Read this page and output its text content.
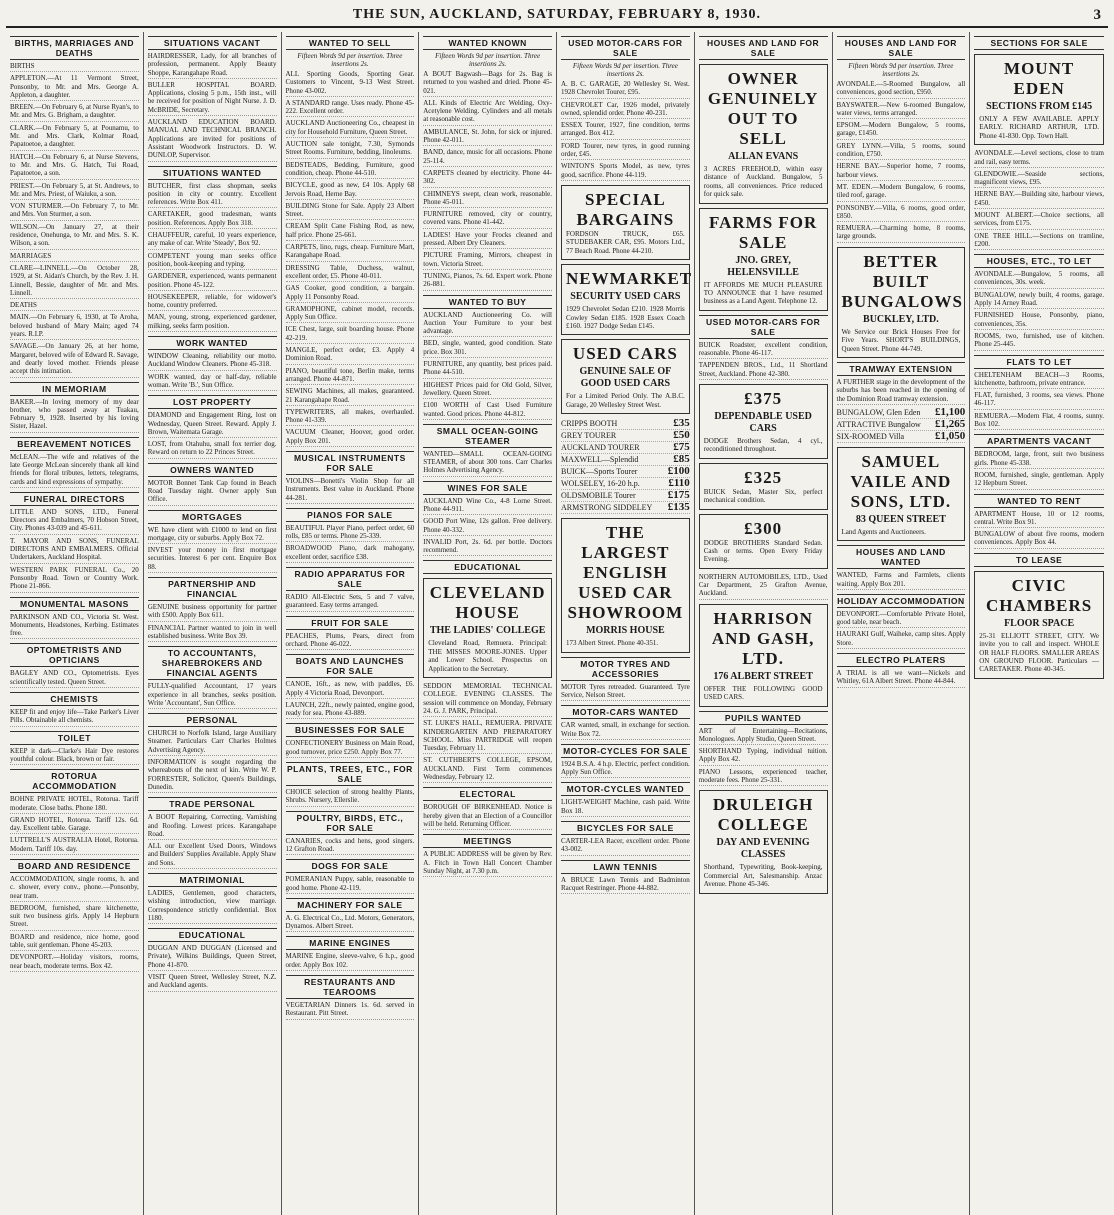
THE SUN, AUCKLAND, SATURDAY, FEBRUARY 8, 1930.	3
BIRTHS, MARRIAGES AND DEATHS
BIRTHS
APPLETON.—At 11 Vermont Street, Ponsonby, to Mr. and Mrs. George A. Appleton, a daughter.
BREEN.—On February 6, at Nurse Ryan's, to Mr. and Mrs. G. Brigham, a daughter.
CLARK.—On February 5, at Pounamu, to Mr. and Mrs. Clark, Kolmar Road, Papatoetoe, a daughter.
HATCH.—On February 6, at Nurse Stevens, to Mr. and Mrs. G. Hatch, Tui Road, Papatoetoe, a son.
PRIEST.—On February 5, at St. Andrews, to Mr. and Mrs. Priest, of Waiuku, a son.
VON STURMER.—On February 7, to Mr. and Mrs. Von Sturmer, a son.
WILSON.—On January 27, at their residence, Onehunga, to Mr. and Mrs. S. K. Wilson, a son.
MARRIAGES
CLARE—LINNELL.—On October 28, 1929, at St. Aidan's Church, by the Rev. J. H. Linnell, Bessie, daughter of Mr. and Mrs. Linnell.
DEATHS
MAIN.—On February 6, 1930, at Te Aroha, beloved husband of Mary Main; aged 74 years. R.I.P.
SAVAGE.—On January 26, at her home, Margaret, beloved wife of Edward R. Savage, and dearly loved mother. Friends please accept this intimation.
IN MEMORIAM
BAKER.—In loving memory of my dear brother, who passed away at Tuakau, February 9, 1928. Inserted by his loving Sister, Hazel.
BEREAVEMENT NOTICES
McLEAN.—The wife and relatives of the late George McLean sincerely thank all kind friends for floral tributes, letters, telegrams, cards and kind expressions of sympathy.
FUNERAL DIRECTORS
LITTLE AND SONS, LTD., Funeral Directors and Embalmers, 70 Hobson Street, City. Phones 43-039 and 45-611.
T. MAYOR AND SONS, FUNERAL DIRECTORS AND EMBALMERS. Official Undertakers, Auckland Hospital.
WESTERN PARK FUNERAL Co., 20 Ponsonby Road. Town or Country Work. Phone 21-866.
MONUMENTAL MASONS
PARKINSON AND CO., Victoria St. West. Monuments, Headstones, Kerbing. Estimates free.
OPTOMETRISTS AND OPTICIANS
BAGLEY AND CO., Optometrists. Eyes scientifically tested. Queen Street.
CHEMISTS
KEEP fit and enjoy life—Take Parker's Liver Pills. Obtainable all chemists.
TOILET
KEEP it dark—Clarke's Hair Dye restores youthful colour. Black, brown or fair.
ROTORUA ACCOMMODATION
BOHNE PRIVATE HOTEL, Rotorua. Tariff moderate. Close baths. Phone 180.
GRAND HOTEL, Rotorua. Tariff 12s. 6d. day. Excellent table. Garage.
LUTTRELL'S AUSTRALIA Hotel, Rotorua. Modern. Tariff 10s. day.
BOARD AND RESIDENCE
ACCOMMODATION, single rooms, h. and c. shower, every conv., phone.—Ponsonby, near tram.
BEDROOM, furnished, share kitchenette, suit two business girls. Apply 14 Hepburn Street.
BOARD and residence, nice home, good table, suit gentleman. Phone 45-203.
DEVONPORT.—Holiday visitors, rooms, near beach, moderate terms. Box 42.
SITUATIONS VACANT
HAIRDRESSER, Lady, for all branches of profession, permanent. Apply Beauty Shoppe, Karangahape Road.
BULLER HOSPITAL BOARD. Applications, closing 5 p.m., 15th inst., will be received for position of Night Nurse. J. D. McBRIDE, Secretary.
AUCKLAND EDUCATION BOARD. MANUAL AND TECHNICAL BRANCH. Applications are invited for positions of Assistant Woodwork Instructors. D. W. DUNLOP, Supervisor.
SITUATIONS WANTED
BUTCHER, first class shopman, seeks position in city or country. Excellent references. Write Box 411.
CARETAKER, good tradesman, wants position. References. Apply Box 318.
CHAUFFEUR, careful, 10 years experience, any make of car. Write 'Steady', Box 92.
COMPETENT young man seeks office position, book-keeping and typing.
GARDENER, experienced, wants permanent position. Phone 45-122.
HOUSEKEEPER, reliable, for widower's home, country preferred.
MAN, young, strong, experienced gardener, milking, seeks farm position.
WORK WANTED
WINDOW Cleaning, reliability our motto. Auckland Window Cleaners. Phone 45-318.
WORK wanted, day or half-day, reliable woman. Write 'B.', Sun Office.
LOST PROPERTY
DIAMOND and Engagement Ring, lost on Wednesday, Queen Street. Reward. Apply J. Brown, Waitemata Garage.
LOST, from Otahuhu, small fox terrier dog. Reward on return to 22 Princes Street.
OWNERS WANTED
MOTOR Bonnet Tank Cap found in Beach Road Tuesday night. Owner apply Sun Office.
MORTGAGES
WE have client with £1000 to lend on first mortgage, city or suburbs. Apply Box 72.
INVEST your money in first mortgage securities. Interest 6 per cent. Enquire Box 88.
PARTNERSHIP AND FINANCIAL
GENUINE business opportunity for partner with £500. Apply Box 611.
FINANCIAL Partner wanted to join in well established business. Write Box 39.
TO ACCOUNTANTS, SHAREBROKERS AND FINANCIAL AGENTS
FULLY-qualified Accountant, 17 years experience in all branches, seeks position. Write 'Accountant', Sun Office.
PERSONAL
CHURCH to Norfolk Island, large Auxiliary Steamer. Particulars Carr Charles Holmes Advertising Agency.
INFORMATION is sought regarding the whereabouts of the next of kin. Write W. P. FORRESTER, Solicitor, Queen's Buildings, Dunedin.
TRADE PERSONAL
A BOOT Repairing, Correcting, Varnishing and Roofing. Lowest prices. Karangahape Road.
ALL our Excellent Used Doors, Windows and Builders' Supplies Available. Apply Shaw and Sons.
MATRIMONIAL
LADIES, Gentlemen, good characters, wishing introduction, view marriage. Correspondence strictly confidential. Box 1180.
EDUCATIONAL
DUGGAN AND DUGGAN (Licensed and Private), Wilkins Buildings, Queen Street, Phone 41-870.
VISIT Queen Street, Wellesley Street, N.Z. and Auckland agents.
WANTED TO SELL
Fifteen Words 9d per insertion. Three insertions 2s.
ALL Sporting Goods, Sporting Gear. Customers to Vincent, 9-13 West Street. Phone 43-002.
A STANDARD range. Uses ready. Phone 45-222. Excellent order.
AUCKLAND Auctioneering Co., cheapest in city for Household Furniture, Queen Street.
AUCTION sale tonight, 7.30, Symonds Street Rooms. Furniture, bedding, linoleums.
BEDSTEADS, Bedding, Furniture, good condition, cheap. Phone 44-510.
BICYCLE, good as new, £4 10s. Apply 68 Jervois Road, Herne Bay.
BUILDING Stone for Sale. Apply 23 Albert Street.
CREAM Split Cane Fishing Rod, as new, half price. Phone 25-661.
CARPETS, lino, rugs, cheap. Furniture Mart, Karangahape Road.
DRESSING Table, Duchess, walnut, excellent order, £5. Phone 40-011.
GAS Cooker, good condition, a bargain. Apply 11 Ponsonby Road.
GRAMOPHONE, cabinet model, records. Apply Sun Office.
ICE Chest, large, suit boarding house. Phone 42-219.
MANGLE, perfect order, £3. Apply 4 Dominion Road.
PIANO, beautiful tone, Berlin make, terms arranged. Phone 44-871.
SEWING Machines, all makes, guaranteed. 21 Karangahape Road.
TYPEWRITERS, all makes, overhauled. Phone 41-339.
VACUUM Cleaner, Hoover, good order. Apply Box 201.
MUSICAL INSTRUMENTS FOR SALE
VIOLINS—Bonetti's Violin Shop for all Instruments. Best value in Auckland. Phone 44-281.
PIANOS FOR SALE
BEAUTIFUL Player Piano, perfect order, 60 rolls, £85 or terms. Phone 25-339.
BROADWOOD Piano, dark mahogany, excellent order, sacrifice £38.
RADIO APPARATUS FOR SALE
RADIO All-Electric Sets, 5 and 7 valve, guaranteed. Easy terms arranged.
FRUIT FOR SALE
PEACHES, Plums, Pears, direct from orchard. Phone 46-022.
BOATS AND LAUNCHES FOR SALE
CANOE, 16ft., as new, with paddles, £6. Apply 4 Victoria Road, Devonport.
LAUNCH, 22ft., newly painted, engine good, ready for sea. Phone 43-889.
BUSINESSES FOR SALE
CONFECTIONERY Business on Main Road, good turnover, price £250. Apply Box 77.
PLANTS, TREES, ETC., FOR SALE
CHOICE selection of strong healthy Plants, Shrubs. Nursery, Ellerslie.
POULTRY, BIRDS, ETC., FOR SALE
CANARIES, cocks and hens, good singers. 12 Grafton Road.
DOGS FOR SALE
POMERANIAN Puppy, sable, reasonable to good home. Phone 42-119.
MACHINERY FOR SALE
A. G. Electrical Co., Ltd. Motors, Generators, Dynamos. Albert Street.
MARINE ENGINES
MARINE Engine, sleeve-valve, 6 h.p., good order. Apply Box 102.
RESTAURANTS AND TEAROOMS
VEGETARIAN Dinners 1s. 6d. served in Restaurant. Pitt Street.
WANTED KNOWN
Fifteen Words 9d per insertion. Three insertions 2s.
A BOUT Bagwash—Bags for 2s. Bag is returned to you washed and dried. Phone 45-021.
ALL Kinds of Electric Arc Welding, Oxy-Acetylene Welding. Cylinders and all metals at reasonable cost.
AMBULANCE, St. John, for sick or injured. Phone 42-011.
BAND, dance, music for all occasions. Phone 25-114.
CARPETS cleaned by electricity. Phone 44-302.
CHIMNEYS swept, clean work, reasonable. Phone 45-011.
FURNITURE removed, city or country, covered vans. Phone 41-442.
LADIES! Have your Frocks cleaned and pressed. Albert Dry Cleaners.
PICTURE Framing, Mirrors, cheapest in town. Victoria Street.
TUNING, Pianos, 7s. 6d. Expert work. Phone 26-881.
WANTED TO BUY
AUCKLAND Auctioneering Co. will Auction Your Furniture to your best advantage.
BED, single, wanted, good condition. State price. Box 301.
FURNITURE, any quantity, best prices paid. Phone 44-510.
HIGHEST Prices paid for Old Gold, Silver, Jewellery. Queen Street.
£100 WORTH of Cast Used Furniture wanted. Good prices. Phone 44-812.
SMALL OCEAN-GOING STEAMER
WANTED—SMALL OCEAN-GOING STEAMER, of about 300 tons. Carr Charles Holmes Advertising Agency.
WINES FOR SALE
AUCKLAND Wine Co., 4-8 Lorne Street. Phone 44-911.
GOOD Port Wine, 12s gallon. Free delivery. Phone 40-332.
INVALID Port, 2s. 6d. per bottle. Doctors recommend.
EDUCATIONAL
CLEVELAND HOUSE
THE LADIES' COLLEGE
Cleveland Road, Remuera. Principal: THE MISSES MOORE-JONES. Upper and Lower School. Prospectus on Application to the Secretary.
SEDDON MEMORIAL TECHNICAL COLLEGE. EVENING CLASSES. The session will commence on Monday, February 24. G. J. PARK, Principal.
ST. LUKE'S HALL, REMUERA. PRIVATE KINDERGARTEN AND PREPARATORY SCHOOL. Miss PARTRIDGE will reopen Tuesday, February 11.
ST. CUTHBERT'S COLLEGE, EPSOM, AUCKLAND. First Term commences Wednesday, February 12.
ELECTORAL
BOROUGH OF BIRKENHEAD. Notice is hereby given that an Election of a Councillor will be held. Returning Officer.
MEETINGS
A PUBLIC ADDRESS will be given by Rev. A. Fitch in Town Hall Concert Chamber Sunday Night, at 7.30 p.m.
USED MOTOR-CARS FOR SALE
Fifteen Words 9d per insertion. Three insertions 2s.
A. B. C. GARAGE, 20 Wellesley St. West. 1928 Chevrolet Tourer, £95.
CHEVROLET Car, 1926 model, privately owned, splendid order. Phone 40-231.
ESSEX Tourer, 1927, fine condition, terms arranged. Box 412.
FORD Tourer, new tyres, in good running order, £45.
WINTON'S Sports Model, as new, tyres good, sacrifice. Phone 44-119.
SPECIAL BARGAINS
FORDSON TRUCK, £65. STUDEBAKER CAR, £95. Motors Ltd., 77 Beach Road. Phone 44-210.
NEWMARKET
SECURITY USED CARS
1929 Chevrolet Sedan £210. 1928 Morris Cowley Sedan £185. 1928 Essex Coach £160. 1927 Dodge Sedan £145.
USED CARS
GENUINE SALE OF GOOD USED CARS
For a Limited Period Only. The A.B.C. Garage, 20 Wellesley Street West.
CRIPPS BOOTH	£35
GREY TOURER	£50
AUCKLAND TOURER	£75
MAXWELL—Splendid	£85
BUICK—Sports Tourer	£100
WOLSELEY, 16-20 h.p.	£110
OLDSMOBILE Tourer	£175
ARMSTRONG SIDDELEY £135
THE LARGEST ENGLISH USED CAR SHOWROOM
MORRIS HOUSE
173 Albert Street. Phone 40-351.
MOTOR TYRES AND ACCESSORIES
MOTOR Tyres retreaded. Guaranteed. Tyre Service, Nelson Street.
MOTOR-CARS WANTED
CAR wanted, small, in exchange for section. Write Box 72.
MOTOR-CYCLES FOR SALE
1924 B.S.A. 4 h.p. Electric, perfect condition. Apply Sun Office.
MOTOR-CYCLES WANTED
LIGHT-WEIGHT Machine, cash paid. Write Box 18.
BICYCLES FOR SALE
CARTER-LEA Racer, excellent order. Phone 43-002.
LAWN TENNIS
A BRUCE Lawn Tennis and Badminton Racquet Restringer. Phone 44-882.
HOUSES AND LAND FOR SALE
OWNER GENUINELY OUT TO SELL
ALLAN EVANS
3 ACRES FREEHOLD, within easy distance of Auckland. Bungalow, 5 rooms, all conveniences. Price reduced for quick sale.
FARMS FOR SALE
JNO. GREY, HELENSVILLE
IT AFFORDS ME MUCH PLEASURE TO ANNOUNCE that I have resumed business as a Land Agent. Telephone 12.
USED MOTOR-CARS FOR SALE
BUICK Roadster, excellent condition, reasonable. Phone 46-117.
TAPPENDEN BROS., Ltd., 11 Shortland Street, Auckland. Phone 42-380.
£375
DEPENDABLE USED CARS
DODGE Brothers Sedan, 4 cyl., reconditioned throughout.
£325
BUICK Sedan, Master Six, perfect mechanical condition.
£300
DODGE BROTHERS Standard Sedan. Cash or terms. Open Every Friday Evening.
NORTHERN AUTOMOBILES, LTD., Used Car Department, 25 Grafton Avenue, Auckland.
HARRISON AND GASH, LTD.
176 ALBERT STREET
OFFER THE FOLLOWING GOOD USED CARS.
PUPILS WANTED
ART of Entertaining—Recitations, Monologues. Apply Studio, Queen Street.
SHORTHAND Typing, individual tuition. Apply Box 42.
PIANO Lessons, experienced teacher, moderate fees. Phone 25-331.
DRULEIGH COLLEGE
DAY AND EVENING CLASSES
Shorthand, Typewriting, Book-keeping, Commercial Art, Salesmanship. Anzac Avenue. Phone 45-346.
HOUSES AND LAND FOR SALE
Fifteen Words 9d per insertion. Three insertions 2s.
AVONDALE.—5-Roomed Bungalow, all conveniences, good section, £950.
BAYSWATER.—New 6-roomed Bungalow, water views, terms arranged.
EPSOM.—Modern Bungalow, 5 rooms, garage, £1450.
GREY LYNN.—Villa, 5 rooms, sound condition, £750.
HERNE BAY.—Superior home, 7 rooms, harbour views.
MT. EDEN.—Modern Bungalow, 6 rooms, tiled roof, garage.
PONSONBY.—Villa, 6 rooms, good order, £850.
REMUERA.—Charming home, 8 rooms, large grounds.
BETTER BUILT BUNGALOWS
BUCKLEY, LTD.
We Service our Brick Houses Free for Five Years. SHORT'S BUILDINGS, Queen Street. Phone 44-749.
TRAMWAY EXTENSION
A FURTHER stage in the development of the suburbs has been reached in the opening of the Dominion Road tramway extension.
BUNGALOW, Glen Eden £1,100
ATTRACTIVE Bungalow £1,265
SIX-ROOMED Villa	£1,050
SAMUEL VAILE AND SONS, LTD.
83 QUEEN STREET
Land Agents and Auctioneers.
HOUSES AND LAND WANTED
WANTED, Farms and Farmlets, clients waiting. Apply Box 201.
HOLIDAY ACCOMMODATION
DEVONPORT.—Comfortable Private Hotel, good table, near beach.
HAURAKI Gulf, Waiheke, camp sites. Apply Store.
ELECTRO PLATERS
A TRIAL is all we want—Nickels and Whitley, 61A Albert Street. Phone 44-844.
SECTIONS FOR SALE
MOUNT EDEN
SECTIONS FROM £145
ONLY A FEW AVAILABLE. APPLY EARLY. RICHARD ARTHUR, LTD. Phone 41-830. Opp. Town Hall.
AVONDALE.—Level sections, close to tram and rail, easy terms.
GLENDOWIE.—Seaside sections, magnificent views, £95.
HERNE BAY.—Building site, harbour views, £450.
MOUNT ALBERT.—Choice sections, all services, from £175.
ONE TREE HILL.—Sections on tramline, £200.
HOUSES, ETC., TO LET
AVONDALE.—Bungalow, 5 rooms, all conveniences, 30s. week.
BUNGALOW, newly built, 4 rooms, garage. Apply 14 Arney Road.
FURNISHED House, Ponsonby, piano, conveniences, 35s.
ROOMS, two, furnished, use of kitchen. Phone 25-445.
FLATS TO LET
CHELTENHAM BEACH—3 Rooms, kitchenette, bathroom, private entrance.
FLAT, furnished, 3 rooms, sea views. Phone 46-117.
REMUERA.—Modern Flat, 4 rooms, sunny. Box 102.
APARTMENTS VACANT
BEDROOM, large, front, suit two business girls. Phone 45-338.
ROOM, furnished, single, gentleman. Apply 12 Hepburn Street.
WANTED TO RENT
APARTMENT House, 10 or 12 rooms, central. Write Box 91.
BUNGALOW of about five rooms, modern conveniences. Apply Box 44.
TO LEASE
CIVIC CHAMBERS
FLOOR SPACE
25-31 ELLIOTT STREET, CITY. We invite you to call and inspect. WHOLE OR HALF FLOORS. SMALLER AREAS ON GROUND FLOOR. Particulars — CARETAKER. Phone 40-345.
